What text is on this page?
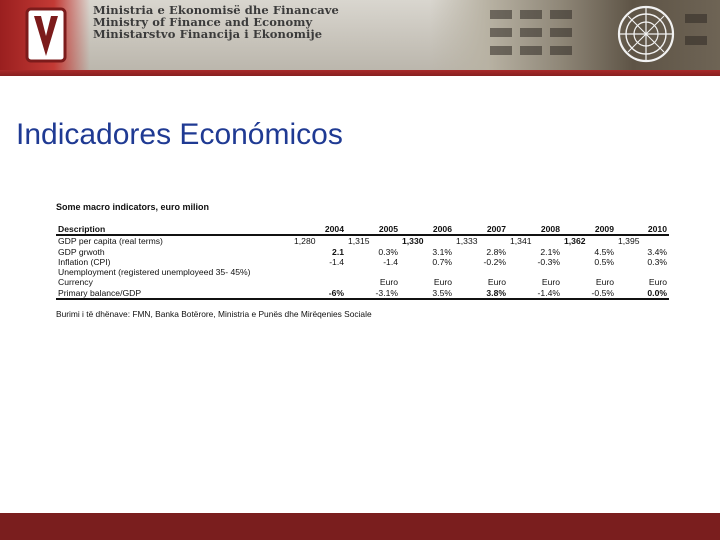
Ministria e Ekonomisë dhe Financave
Ministry of Finance and Economy
Ministarstvo Financija i Ekonomije
Indicadores Económicos
Some macro indicators, euro milion
Description	2004	2005	2006	2007	2008	2009	2010
GDP per capita (real terms)	1,280	1,315	1,330	1,333	1,341	1,362	1,395
GDP grwoth	2.1	0.3%	3.1%	2.8%	2.1%	4.5%	3.4%
Inflation (CPI)	-1.4	-1.4	0.7%	-0.2%	-0.3%	0.5%	0.3%
Unemployment (registered unemployeed 35- 45%)							
Currency		Euro	Euro	Euro	Euro	Euro	Euro
Primary balance/GDP	-6%	-3.1%	3.5%	3.8%	-1.4%	-0.5%	0.0%
Burimi i të dhënave: FMN, Banka Botërore, Ministria e Punës dhe Mirëqenies Sociale
